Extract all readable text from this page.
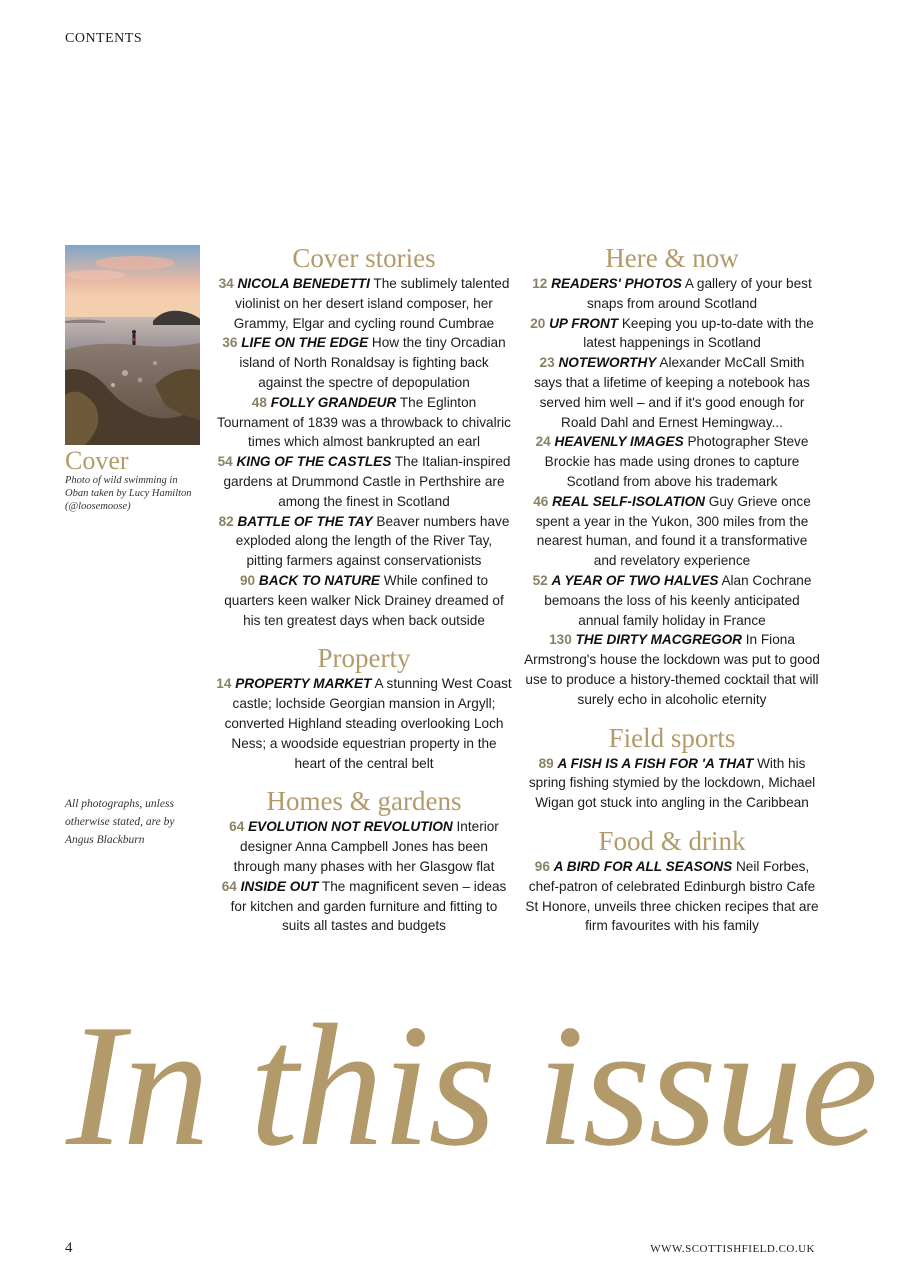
CONTENTS
Cover
Photo of wild swimming in Oban taken by Lucy Hamilton (@loosemoose)
All photographs, unless otherwise stated, are by Angus Blackburn
Cover stories

34 NICOLA BENEDETTI The sublimely talented violinist on her desert island composer, her Grammy, Elgar and cycling round Cumbrae

36 LIFE ON THE EDGE How the tiny Orcadian island of North Ronaldsay is fighting back against the spectre of depopulation

48 FOLLY GRANDEUR The Eglinton Tournament of 1839 was a throwback to chivalric times which almost bankrupted an earl

54 KING OF THE CASTLES The Italian-inspired gardens at Drummond Castle in Perthshire are among the finest in Scotland

82 BATTLE OF THE TAY Beaver numbers have exploded along the length of the River Tay, pitting farmers against conservationists

90 BACK TO NATURE While confined to quarters keen walker Nick Drainey dreamed of his ten greatest days when back outside

Property

14 PROPERTY MARKET A stunning West Coast castle; lochside Georgian mansion in Argyll; converted Highland steading overlooking Loch Ness; a woodside equestrian property in the heart of the central belt

Homes & gardens

64 EVOLUTION NOT REVOLUTION Interior designer Anna Campbell Jones has been through many phases with her Glasgow flat

64 INSIDE OUT The magnificent seven – ideas for kitchen and garden furniture and fitting to suits all tastes and budgets

Here & now

12 READERS' PHOTOS A gallery of your best snaps from around Scotland

20 UP FRONT Keeping you up-to-date with the latest happenings in Scotland

23 NOTEWORTHY Alexander McCall Smith says that a lifetime of keeping a notebook has served him well – and if it's good enough for Roald Dahl and Ernest Hemingway...

24 HEAVENLY IMAGES Photographer Steve Brockie has made using drones to capture Scotland from above his trademark

46 REAL SELF-ISOLATION Guy Grieve once spent a year in the Yukon, 300 miles from the nearest human, and found it a transformative and revelatory experience

52 A YEAR OF TWO HALVES Alan Cochrane bemoans the loss of his keenly anticipated annual family holiday in France

130 THE DIRTY MACGREGOR In Fiona Armstrong's house the lockdown was put to good use to produce a history-themed cocktail that will surely echo in alcoholic eternity

Field sports

89 A FISH IS A FISH FOR 'A THAT With his spring fishing stymied by the lockdown, Michael Wigan got stuck into angling in the Caribbean

Food & drink

96 A BIRD FOR ALL SEASONS Neil Forbes, chef-patron of celebrated Edinburgh bistro Cafe St Honore, unveils three chicken recipes that are firm favourites with his family

In this issue
4	WWW.SCOTTISHFIELD.CO.UK
